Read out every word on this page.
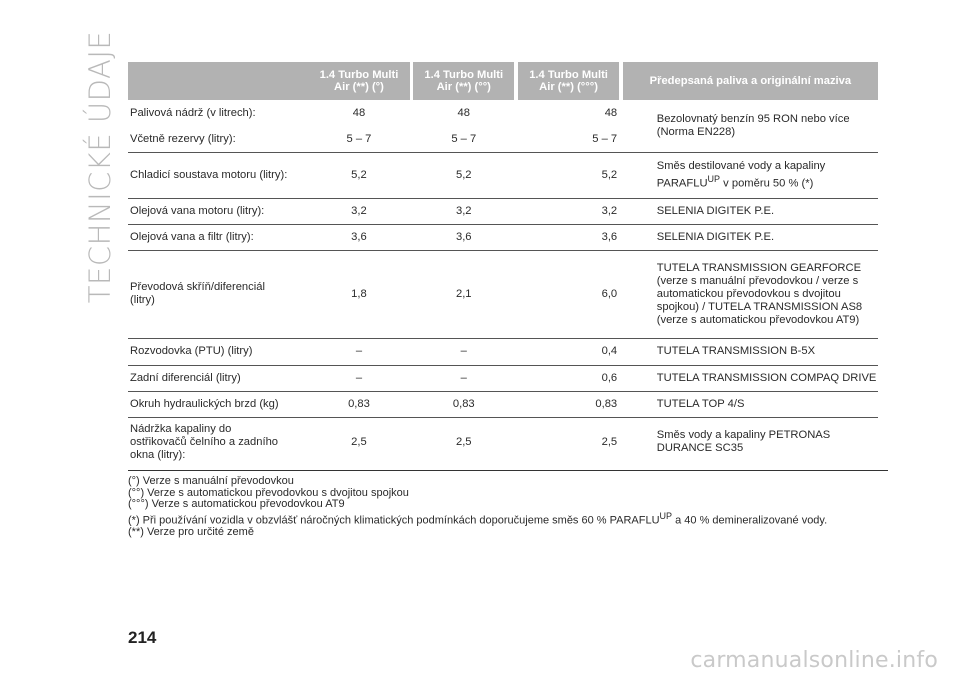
TECHNICKÉ ÚDAJE
		1.4 Turbo Multi Air (**) (°)		1.4 Turbo Multi Air (**) (°°)		1.4 Turbo Multi Air (**) (°°°)		Předepsaná paliva a originální maziva
Palivová nádrž (v litrech):	48		48		48		Bezolovnatý benzín 95 RON nebo více (Norma EN228)
Včetně rezervy (litry):	5 – 7		5 – 7		5 – 7		
Chladicí soustava motoru (litry):	5,2		5,2		5,2		Směs destilované vody a kapaliny
$PARAFLU^{UP}$ v poměru 50 % (*)
Olejová vana motoru (litry):	3,2		3,2		3,2		SELENIA DIGITEK P.E.
Olejová vana a filtr (litry):	3,6		3,6		3,6		SELENIA DIGITEK P.E.
Převodová skříň/diferenciál (litry)	1,8		2,1		6,0		TUTELA TRANSMISSION GEARFORCE (verze s manuální převodovkou / verze s automatickou převodovkou s dvojitou spojkou) / TUTELA TRANSMISSION AS8 (verze s automatickou převodovkou AT9)
Rozvodovka (PTU) (litry)	–		–		0,4		TUTELA TRANSMISSION B-5X
Zadní diferenciál (litry)	–		–		0,6		TUTELA TRANSMISSION COMPAQ DRIVE
Okruh hydraulických brzd (kg)	0,83		0,83		0,83		TUTELA TOP 4/S
Nádržka kapaliny do ostřikovačů čelního a zadního okna (litry):	2,5		2,5		2,5		Směs vody a kapaliny PETRONAS DURANCE SC35
(°) Verze s manuální převodovkou
(°°) Verze s automatickou převodovkou s dvojitou spojkou
(°°°) Verze s automatickou převodovkou AT9
(*) Při používání vozidla v obzvlášť náročných klimatických podmínkách doporučujeme směs 60 % $PARAFLU^{UP}$ a 40 % demineralizované vody.
(**) Verze pro určité země
214
carmanualsonline.info
